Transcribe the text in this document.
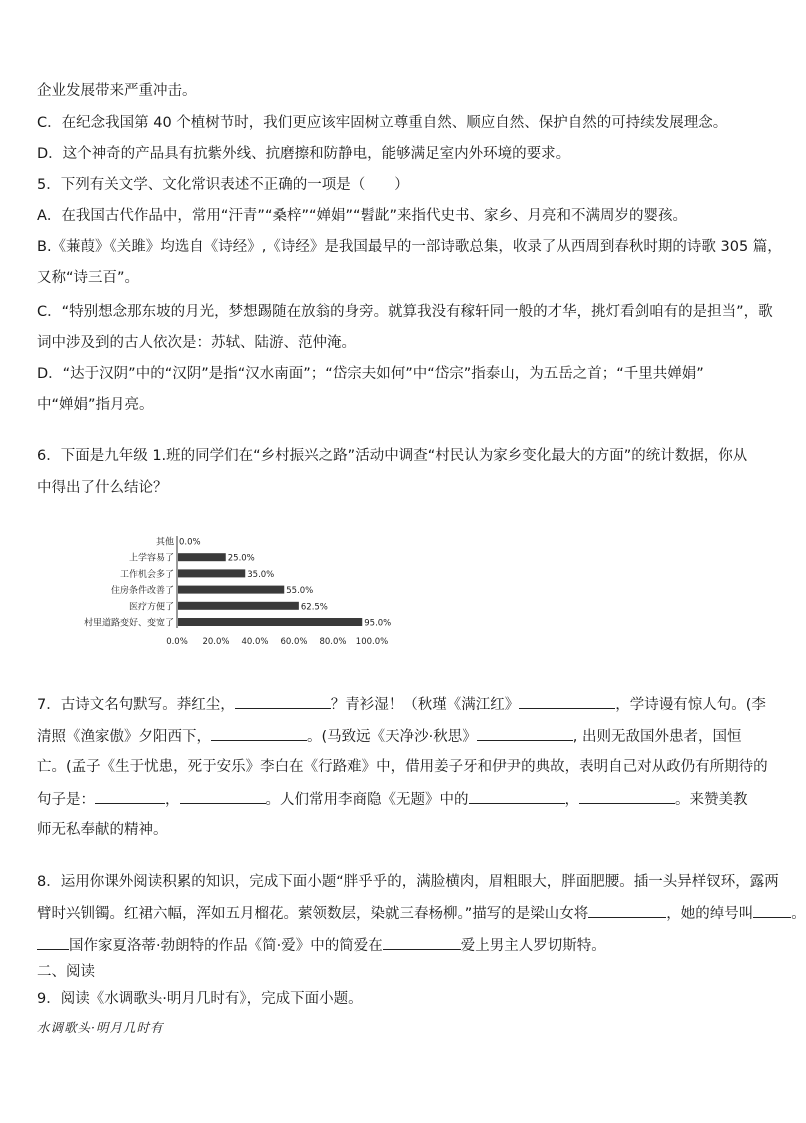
企业发展带来严重冲击。
C．在纪念我国第 40 个植树节时，我们更应该牢固树立尊重自然、顺应自然、保护自然的可持续发展理念。
D．这个神奇的产品具有抗紫外线、抗磨擦和防静电，能够满足室内外环境的要求。
5．下列有关文学、文化常识表述不正确的一项是（　　）
A．在我国古代作品中，常用“汗青”“桑梓”“婵娟”“髫龀”来指代史书、家乡、月亮和不满周岁的婴孩。
B.《蒹葭》《关雎》均选自《诗经》,《诗经》是我国最早的一部诗歌总集，收录了从西周到春秋时期的诗歌 305 篇，
又称“诗三百”。
C．“特别想念那东坡的月光，梦想踢随在放翁的身旁。就算我没有稼轩同一般的才华，挑灯看剑咱有的是担当”，歌
词中涉及到的古人依次是：苏轼、陆游、范仲淹。
D．“达于汉阴”中的“汉阴”是指“汉水南面”；“岱宗夫如何”中“岱宗”指泰山，为五岳之首；“千里共婵娟”
中“婵娟”指月亮。
6．下面是九年级 1.班的同学们在“乡村振兴之路”活动中调查“村民认为家乡变化最大的方面”的统计数据，你从
中得出了什么结论？
其他
上学容易了
工作机会多了
住房条件改善了
医疗方便了
村里道路变好、变宽了
0.0%
25.0%
35.0%
55.0%
62.5%
95.0%
0.0% 20.0% 40.0% 60.0% 80.0% 100.0%
7．古诗文名句默写。莽红尘，	？青衫湿！（秋瑾《满江红》	，学诗谩有惊人句。(李
清照《渔家傲》夕阳西下，	。(马致远《天净沙·秋思》	, 出则无敌国外患者，国恒
亡。(孟子《生于忧患，死于安乐》李白在《行路难》中，借用姜子牙和伊尹的典故，表明自己对从政仍有所期待的
句子是：	，	。人们常用李商隐《无题》中的	，	。来赞美教
师无私奉献的精神。
8．运用你课外阅读积累的知识，完成下面小题“胖乎乎的，满脸横肉，眉粗眼大，胖面肥腰。插一头异样钗环，露两
臂时兴钏镯。红裙六幅，浑如五月榴花。萦领数层，染就三春杨柳。”描写的是梁山女将	，她的绰号叫	。
国作家夏洛蒂·勃朗特的作品《简·爱》中的简爱在	爱上男主人罗切斯特。
二、阅读
9．阅读《水调歌头·明月几时有》，完成下面小题。
水调歌头·明月几时有
